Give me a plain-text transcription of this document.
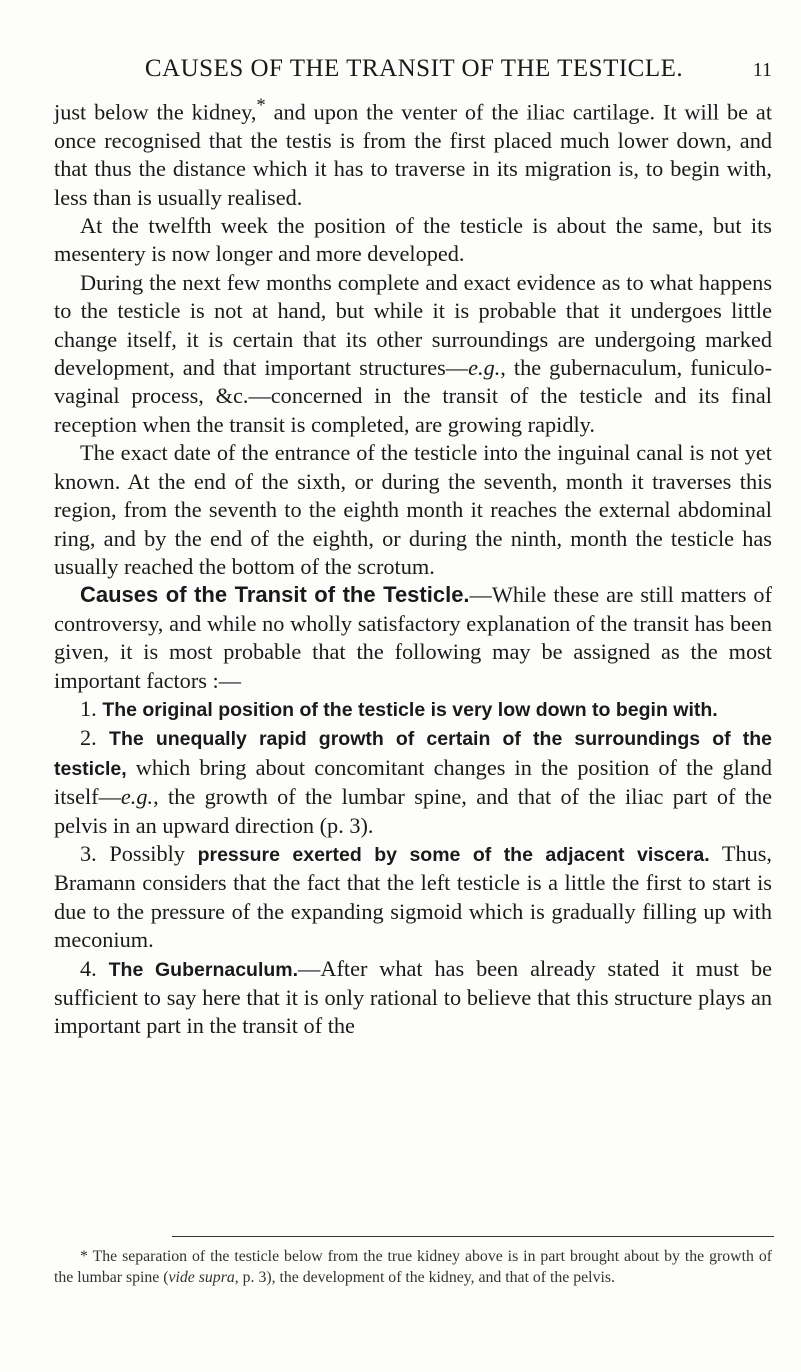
CAUSES OF THE TRANSIT OF THE TESTICLE.	11

just below the kidney,* and upon the venter of the iliac cartilage. It will be at once recognised that the testis is from the first placed much lower down, and that thus the distance which it has to traverse in its migration is, to begin with, less than is usually realised.

At the twelfth week the position of the testicle is about the same, but its mesentery is now longer and more developed.

During the next few months complete and exact evidence as to what happens to the testicle is not at hand, but while it is probable that it undergoes little change itself, it is certain that its other surroundings are undergoing marked development, and that important structures—e.g., the gubernaculum, funiculo-vaginal process, &c.—concerned in the transit of the testicle and its final reception when the transit is completed, are growing rapidly.

The exact date of the entrance of the testicle into the inguinal canal is not yet known. At the end of the sixth, or during the seventh, month it traverses this region, from the seventh to the eighth month it reaches the external abdominal ring, and by the end of the eighth, or during the ninth, month the testicle has usually reached the bottom of the scrotum.

Causes of the Transit of the Testicle.—While these are still matters of controversy, and while no wholly satisfactory explanation of the transit has been given, it is most probable that the following may be assigned as the most important factors :—

1. The original position of the testicle is very low down to begin with.

2. The unequally rapid growth of certain of the surroundings of the testicle, which bring about concomitant changes in the position of the gland itself—e.g., the growth of the lumbar spine, and that of the iliac part of the pelvis in an upward direction (p. 3).

3. Possibly pressure exerted by some of the adjacent viscera. Thus, Bramann considers that the fact that the left testicle is a little the first to start is due to the pressure of the expanding sigmoid which is gradually filling up with meconium.

4. The Gubernaculum.—After what has been already stated it must be sufficient to say here that it is only rational to believe that this structure plays an important part in the transit of the

* The separation of the testicle below from the true kidney above is in part brought about by the growth of the lumbar spine (vide supra, p. 3), the development of the kidney, and that of the pelvis.
